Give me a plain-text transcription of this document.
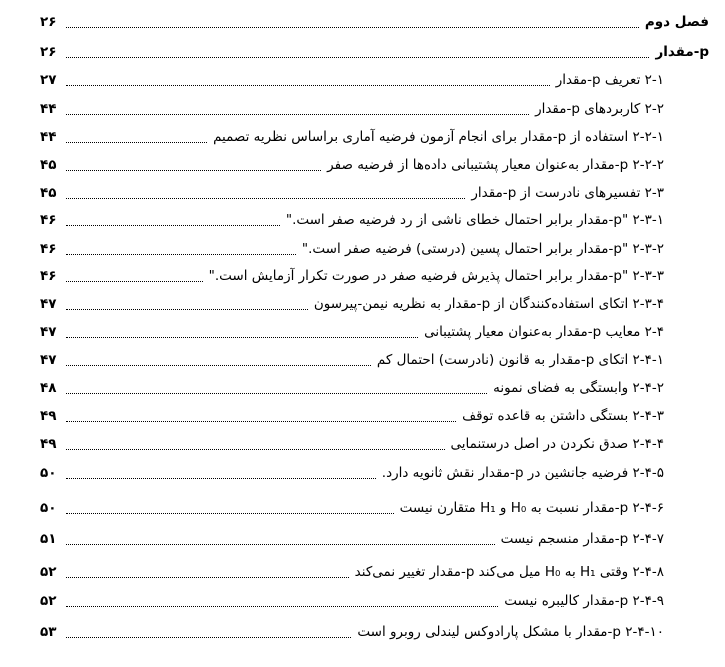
فصل دوم
۲۶
p-مقدار
۲۶
۲-۱ تعریف p-مقدار
۲۷
۲-۲ کاربردهای p-مقدار
۴۴
۲-۲-۱ استفاده از p-مقدار برای انجام آزمون فرضیه آماری براساس نظریه تصمیم
۴۴
۲-۲-۲ p-مقدار به‌عنوان معیار پشتیبانی داده‌ها از فرضیه صفر
۴۵
۲-۳ تفسیرهای نادرست از p-مقدار
۴۵
۲-۳-۱ "p-مقدار برابر احتمال خطای ناشی از رد فرضیه صفر است."
۴۶
۲-۳-۲ "p-مقدار برابر احتمال پسین (درستی) فرضیه صفر است."
۴۶
۲-۳-۳ "p-مقدار برابر احتمال پذیرش فرضیه صفر در صورت تکرار آزمایش است."
۴۶
۲-۳-۴ اتکای استفاده‌کنندگان از p-مقدار به نظریه نیمن-پیرسون
۴۷
۲-۴ معایب p-مقدار به‌عنوان معیار پشتیبانی
۴۷
۲-۴-۱ اتکای p-مقدار به قانون (نادرست) احتمال کم
۴۷
۲-۴-۲ وابستگی به فضای نمونه
۴۸
۲-۴-۳ بستگی داشتن به قاعده توقف
۴۹
۲-۴-۴ صدق نکردن در اصل درستنمایی
۴۹
۲-۴-۵ فرضیه جانشین در p-مقدار نقش ثانویه دارد.
۵۰
۲-۴-۶ p-مقدار نسبت به H₀ و H₁ متقارن نیست
۵۰
۲-۴-۷ p-مقدار منسجم نیست
۵۱
۲-۴-۸ وقتی H₁ به H₀ میل می‌کند p-مقدار تغییر نمی‌کند
۵۲
۲-۴-۹ p-مقدار کالیبره نیست
۵۲
۲-۴-۱۰ p-مقدار با مشکل پارادوکس لیندلی روبرو است
۵۳
